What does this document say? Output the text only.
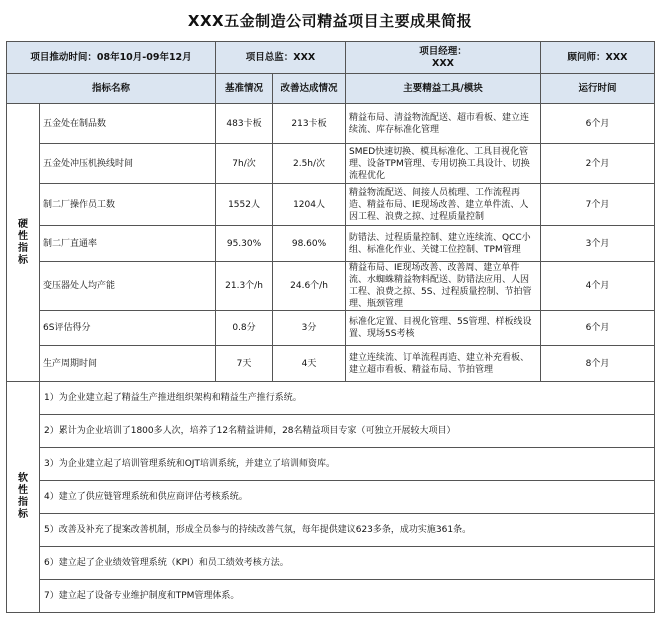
XXX五金制造公司精益项目主要成果简报
项目推动时间：08年10月-09年12月		项目总监：XXX		项目经理：XXX	顾问师：XXX
指标名称		基准情况	改善达成情况	主要精益工具/模块	运行时间

硬性指标	五金处在制品数	483卡板	213卡板	精益布局、清益物流配送、超市看板、建立连续流、库存标准化管理	6个月
	五金处冲压机换线时间	7h/次	2.5h/次	SMED快速切换、模具标准化、工具目视化管理、设备TPM管理、专用切换工具设计、切换流程优化	2个月
	制二厂操作员工数	1552人	1204人	精益物流配送、间接人员梳理、工作流程再造、精益布局、IE现场改善、建立单件流、人因工程、浪费之掠、过程质量控制	7个月
	制二厂直通率	95.30%	98.60%	防错法、过程质量控制、建立连续流、QCC小组、标准化作业、关键工位控制、TPM管理	3个月
	变压器处人均产能	21.3个/h	24.6个/h	精益布局、IE现场改善、改善周、建立单件流、水蜘蛛精益物料配送、防错法应用、人因工程、浪费之掠、5S、过程质量控制、节拍管理、瓶颈管理	4个月
	6S评估得分	0.8分	3分	标准化定置、目视化管理、5S管理、样板线设置、现场5S考核	6个月
	生产周期时间	7天	4天	建立连续流、订单流程再造、建立补充看板、建立超市看板、精益布局、节拍管理	8个月

软性指标	1）为企业建立起了精益生产推进组织架构和精益生产推行系统。				
	2）累计为企业培训了1800多人次，培养了12名精益讲师，28名精益项目专家（可独立开展较大项目）				
	3）为企业建立起了培训管理系统和OJT培训系统，并建立了培训师资库。				
	4）建立了供应链管理系统和供应商评估考核系统。				
	5）改善及补充了提案改善机制，形成全员参与的持续改善气氛，每年提供建议623多条，成功实施361条。				
	6）建立起了企业绩效管理系统（KPI）和员工绩效考核方法。				
	7）建立起了设备专业维护制度和TPM管理体系。				
